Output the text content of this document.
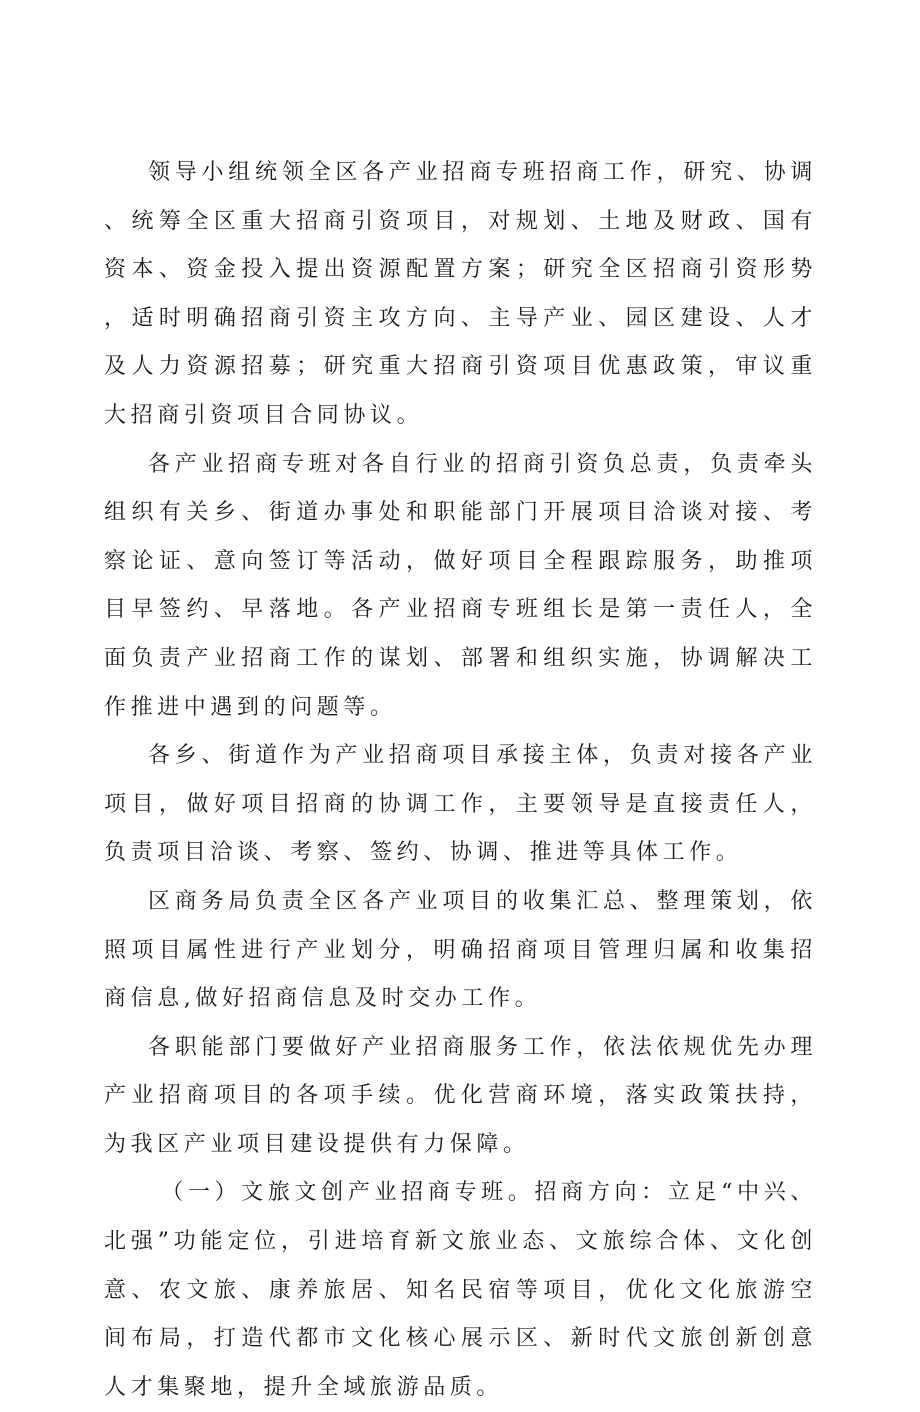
领导小组统领全区各产业招商专班招商工作，研究、协调、统筹全区重大招商引资项目，对规划、土地及财政、国有资本、资金投入提出资源配置方案；研究全区招商引资形势，适时明确招商引资主攻方向、主导产业、园区建设、人才及人力资源招募；研究重大招商引资项目优惠政策，审议重大招商引资项目合同协议。

各产业招商专班对各自行业的招商引资负总责，负责牵头组织有关乡、街道办事处和职能部门开展项目洽谈对接、考察论证、意向签订等活动，做好项目全程跟踪服务，助推项目早签约、早落地。各产业招商专班组长是第一责任人，全面负责产业招商工作的谋划、部署和组织实施，协调解决工作推进中遇到的问题等。

各乡、街道作为产业招商项目承接主体，负责对接各产业项目，做好项目招商的协调工作，主要领导是直接责任人，负责项目洽谈、考察、签约、协调、推进等具体工作。

区商务局负责全区各产业项目的收集汇总、整理策划，依照项目属性进行产业划分，明确招商项目管理归属和收集招商信息,做好招商信息及时交办工作。

各职能部门要做好产业招商服务工作，依法依规优先办理产业招商项目的各项手续。优化营商环境，落实政策扶持，为我区产业项目建设提供有力保障。

（一）文旅文创产业招商专班。招商方向：立足“中兴、北强”功能定位，引进培育新文旅业态、文旅综合体、文化创意、农文旅、康养旅居、知名民宿等项目，优化文化旅游空间布局，打造代都市文化核心展示区、新时代文旅创新创意人才集聚地，提升全域旅游品质。
